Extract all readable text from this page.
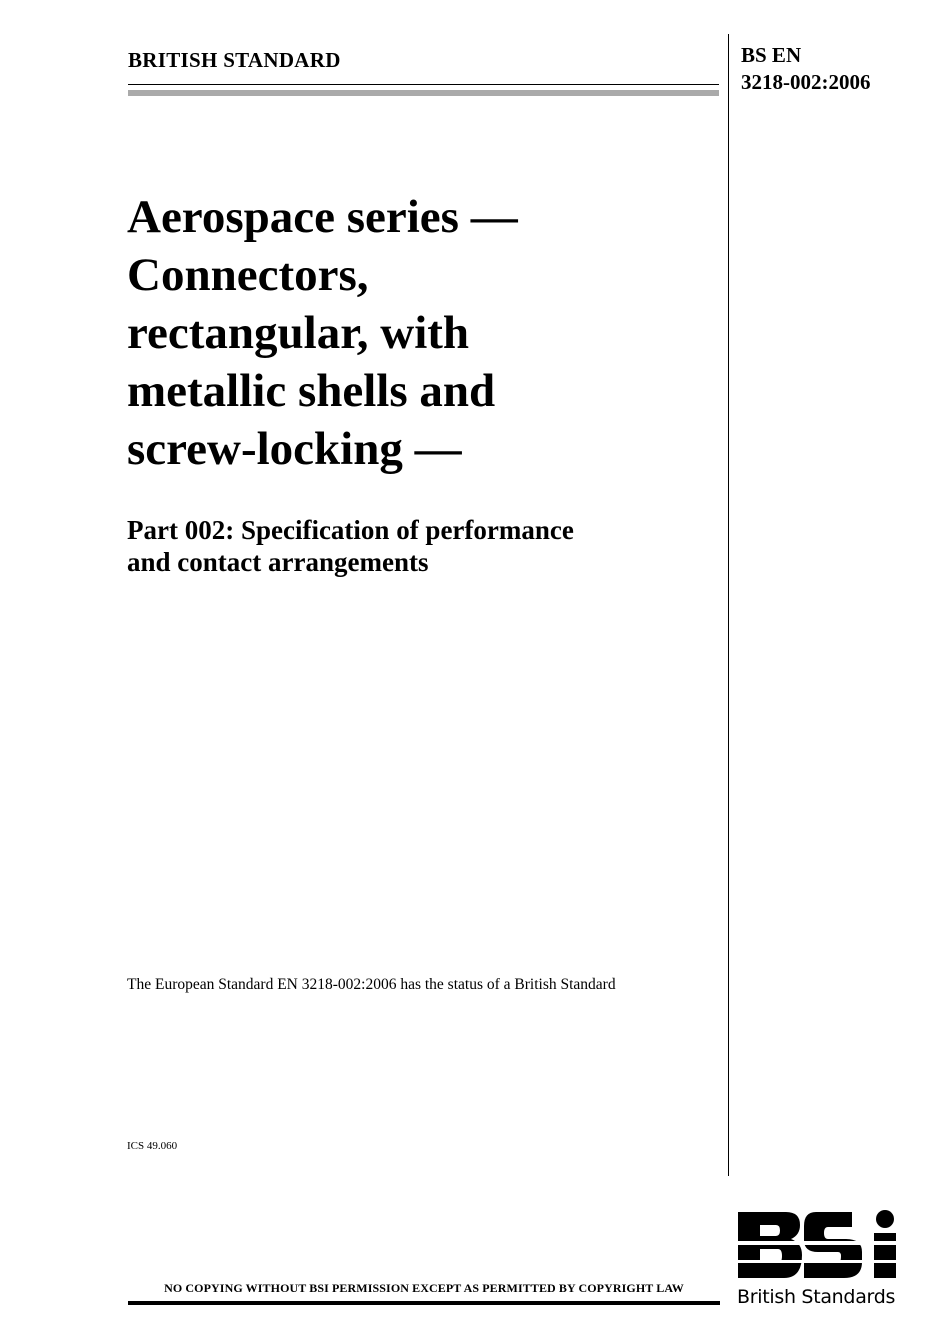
BRITISH STANDARD	BS EN
3218-002:2006
Aerospace series —
Connectors,
rectangular, with
metallic shells and
screw-locking —
Part 002: Specification of performance
and contact arrangements
The European Standard EN 3218-002:2006 has the status of a British Standard
ICS 49.060
NO COPYING WITHOUT BSI PERMISSION EXCEPT AS PERMITTED BY COPYRIGHT LAW	British Standards
